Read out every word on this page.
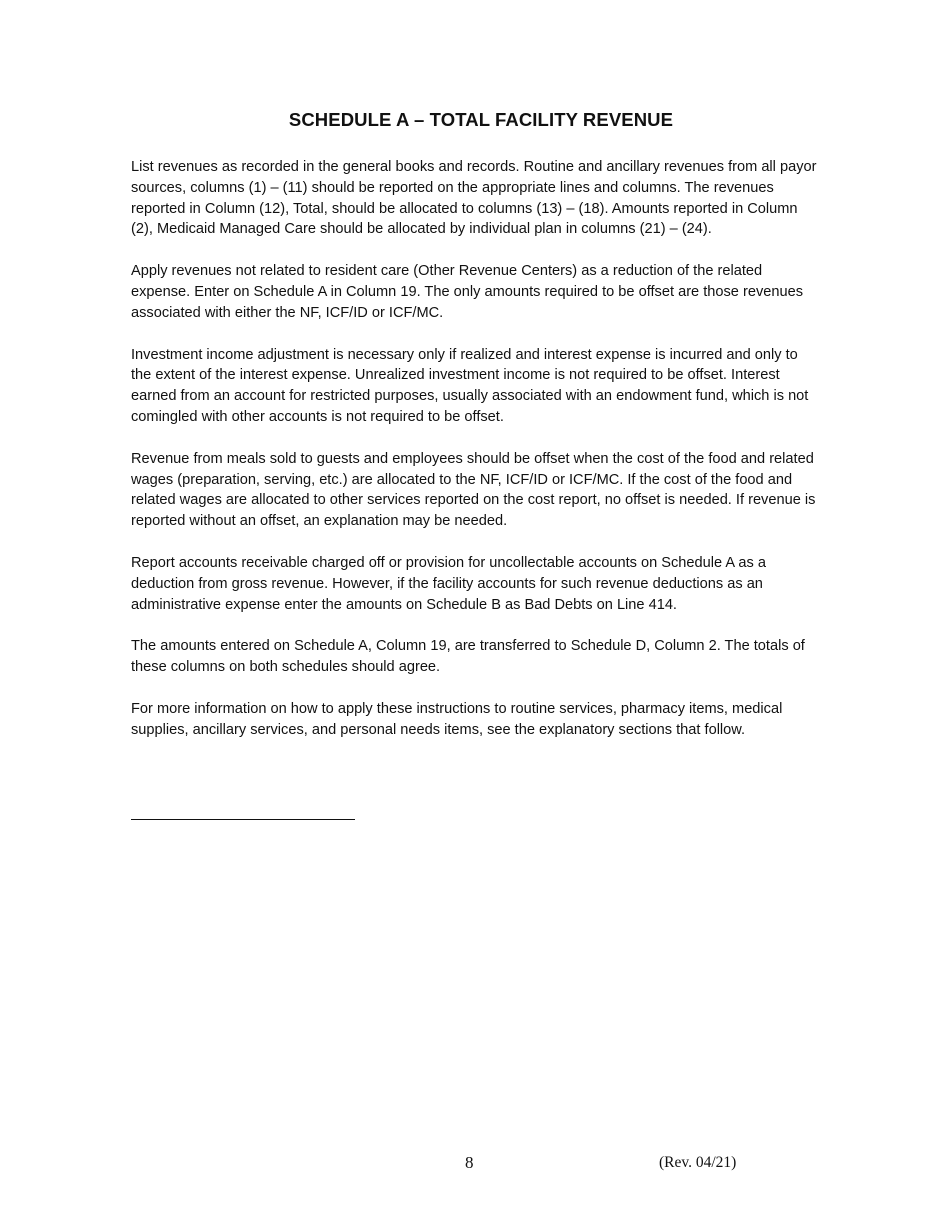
SCHEDULE A – TOTAL FACILITY REVENUE

List revenues as recorded in the general books and records. Routine and ancillary revenues from all payor sources, columns (1) – (11) should be reported on the appropriate lines and columns. The revenues reported in Column (12), Total, should be allocated to columns (13) – (18). Amounts reported in Column (2), Medicaid Managed Care should be allocated by individual plan in columns (21) – (24).

Apply revenues not related to resident care (Other Revenue Centers) as a reduction of the related expense. Enter on Schedule A in Column 19. The only amounts required to be offset are those revenues associated with either the NF, ICF/ID or ICF/MC.

Investment income adjustment is necessary only if realized and interest expense is incurred and only to the extent of the interest expense. Unrealized investment income is not required to be offset. Interest earned from an account for restricted purposes, usually associated with an endowment fund, which is not comingled with other accounts is not required to be offset.

Revenue from meals sold to guests and employees should be offset when the cost of the food and related wages (preparation, serving, etc.) are allocated to the NF, ICF/ID or ICF/MC. If the cost of the food and related wages are allocated to other services reported on the cost report, no offset is needed. If revenue is reported without an offset, an explanation may be needed.

Report accounts receivable charged off or provision for uncollectable accounts on Schedule A as a deduction from gross revenue. However, if the facility accounts for such revenue deductions as an administrative expense enter the amounts on Schedule B as Bad Debts on Line 414.

The amounts entered on Schedule A, Column 19, are transferred to Schedule D, Column 2. The totals of these columns on both schedules should agree.

For more information on how to apply these instructions to routine services, pharmacy items, medical supplies, ancillary services, and personal needs items, see the explanatory sections that follow.

8	(Rev. 04/21)
